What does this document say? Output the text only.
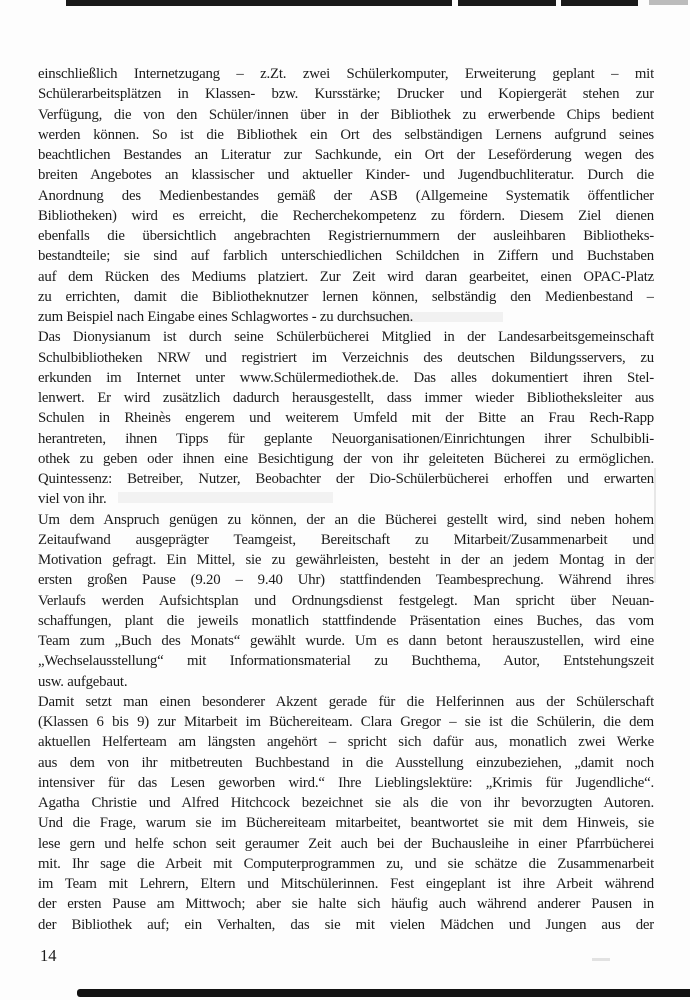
einschließlich Internetzugang – z.Zt. zwei Schülerkomputer, Erweiterung geplant – mit
Schülerarbeitsplätzen in Klassen- bzw. Kursstärke; Drucker und Kopiergerät stehen zur
Verfügung, die von den Schüler/innen über in der Bibliothek zu erwerbende Chips bedient
werden können. So ist die Bibliothek ein Ort des selbständigen Lernens aufgrund seines
beachtlichen Bestandes an Literatur zur Sachkunde, ein Ort der Leseförderung wegen des
breiten Angebotes an klassischer und aktueller Kinder- und Jugendbuchliteratur. Durch die
Anordnung des Medienbestandes gemäß der ASB (Allgemeine Systematik öffentlicher
Bibliotheken) wird es erreicht, die Recherchekompetenz zu fördern. Diesem Ziel dienen
ebenfalls die übersichtlich angebrachten Registriernummern der ausleihbaren Bibliotheks-
bestandteile; sie sind auf farblich unterschiedlichen Schildchen in Ziffern und Buchstaben
auf dem Rücken des Mediums platziert. Zur Zeit wird daran gearbeitet, einen OPAC-Platz
zu errichten, damit die Bibliotheknutzer lernen können, selbständig den Medienbestand –
zum Beispiel nach Eingabe eines Schlagwortes - zu durchsuchen.
Das Dionysianum ist durch seine Schülerbücherei Mitglied in der Landesarbeitsgemeinschaft
Schulbibliotheken NRW und registriert im Verzeichnis des deutschen Bildungsservers, zu
erkunden im Internet unter www.Schülermediothek.de. Das alles dokumentiert ihren Stel-
lenwert. Er wird zusätzlich dadurch herausgestellt, dass immer wieder Bibliotheksleiter aus
Schulen in Rheinès engerem und weiterem Umfeld mit der Bitte an Frau Rech-Rapp
herantreten, ihnen Tipps für geplante Neuorganisationen/Einrichtungen ihrer Schulbibli-
othek zu geben oder ihnen eine Besichtigung der von ihr geleiteten Bücherei zu ermöglichen.
Quintessenz: Betreiber, Nutzer, Beobachter der Dio-Schülerbücherei erhoffen und erwarten
viel von ihr.
Um dem Anspruch genügen zu können, der an die Bücherei gestellt wird, sind neben hohem
Zeitaufwand ausgeprägter Teamgeist, Bereitschaft zu Mitarbeit/Zusammenarbeit und
Motivation gefragt. Ein Mittel, sie zu gewährleisten, besteht in der an jedem Montag in der
ersten großen Pause (9.20 – 9.40 Uhr) stattfindenden Teambesprechung. Während ihres
Verlaufs werden Aufsichtsplan und Ordnungsdienst festgelegt. Man spricht über Neuan-
schaffungen, plant die jeweils monatlich stattfindende Präsentation eines Buches, das vom
Team zum „Buch des Monats“ gewählt wurde. Um es dann betont herauszustellen, wird eine
„Wechselausstellung“ mit Informationsmaterial zu Buchthema, Autor, Entstehungszeit
usw. aufgebaut.
Damit setzt man einen besonderer Akzent gerade für die Helferinnen aus der Schülerschaft
(Klassen 6 bis 9) zur Mitarbeit im Büchereiteam. Clara Gregor – sie ist die Schülerin, die dem
aktuellen Helferteam am längsten angehört – spricht sich dafür aus, monatlich zwei Werke
aus dem von ihr mitbetreuten Buchbestand in die Ausstellung einzubeziehen, „damit noch
intensiver für das Lesen geworben wird.“ Ihre Lieblingslektüre: „Krimis für Jugendliche“.
Agatha Christie und Alfred Hitchcock bezeichnet sie als die von ihr bevorzugten Autoren.
Und die Frage, warum sie im Büchereiteam mitarbeitet, beantwortet sie mit dem Hinweis, sie
lese gern und helfe schon seit geraumer Zeit auch bei der Buchausleihe in einer Pfarrbücherei
mit. Ihr sage die Arbeit mit Computerprogrammen zu, und sie schätze die Zusammenarbeit
im Team mit Lehrern, Eltern und Mitschülerinnen. Fest eingeplant ist ihre Arbeit während
der ersten Pause am Mittwoch; aber sie halte sich häufig auch während anderer Pausen in
der Bibliothek auf; ein Verhalten, das sie mit vielen Mädchen und Jungen aus der
14
